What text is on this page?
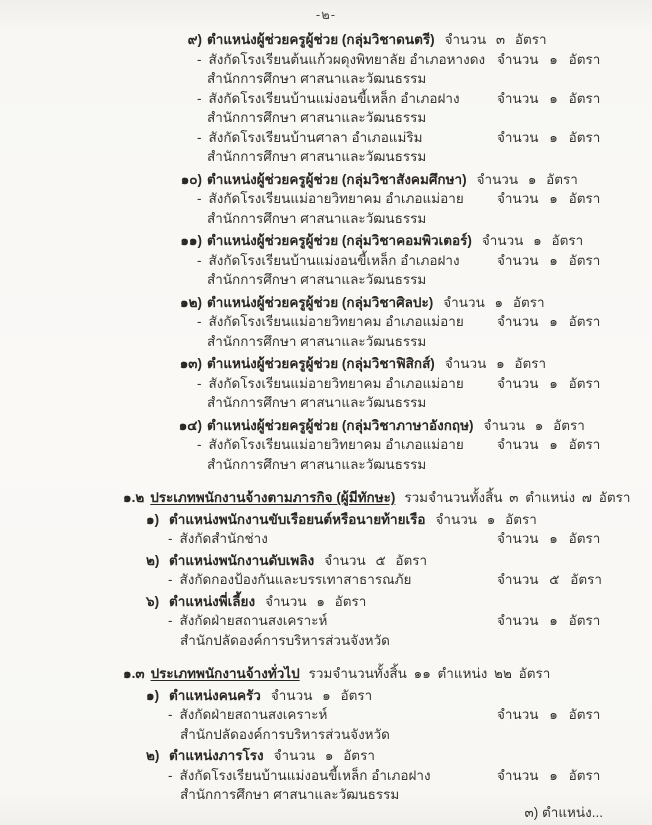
-๒-
๙) ตำแหน่งผู้ช่วยครูผู้ช่วย (กลุ่มวิชาดนตรี) จำนวน ๓ อัตรา
- สังกัดโรงเรียนต้นแก้วผดุงพิทยาลัย อำเภอหางดง จำนวน ๑ อัตรา
สำนักการศึกษา ศาสนาและวัฒนธรรม
- สังกัดโรงเรียนบ้านแม่งอนขี้เหล็ก อำเภอฝาง	จำนวน ๑ อัตรา
สำนักการศึกษา ศาสนาและวัฒนธรรม
- สังกัดโรงเรียนบ้านศาลา อำเภอแม่ริม	จำนวน ๑ อัตรา
สำนักการศึกษา ศาสนาและวัฒนธรรม
๑๐) ตำแหน่งผู้ช่วยครูผู้ช่วย (กลุ่มวิชาสังคมศึกษา) จำนวน ๑ อัตรา
- สังกัดโรงเรียนแม่อายวิทยาคม อำเภอแม่อาย จำนวน ๑ อัตรา
สำนักการศึกษา ศาสนาและวัฒนธรรม
๑๑) ตำแหน่งผู้ช่วยครูผู้ช่วย (กลุ่มวิชาคอมพิวเตอร์) จำนวน ๑ อัตรา
- สังกัดโรงเรียนบ้านแม่งอนขี้เหล็ก อำเภอฝาง	จำนวน ๑ อัตรา
สำนักการศึกษา ศาสนาและวัฒนธรรม
๑๒) ตำแหน่งผู้ช่วยครูผู้ช่วย (กลุ่มวิชาศิลปะ) จำนวน ๑ อัตรา
- สังกัดโรงเรียนแม่อายวิทยาคม อำเภอแม่อาย จำนวน ๑ อัตรา
สำนักการศึกษา ศาสนาและวัฒนธรรม
๑๓) ตำแหน่งผู้ช่วยครูผู้ช่วย (กลุ่มวิชาฟิสิกส์) จำนวน ๑ อัตรา
- สังกัดโรงเรียนแม่อายวิทยาคม อำเภอแม่อาย จำนวน ๑ อัตรา
สำนักการศึกษา ศาสนาและวัฒนธรรม
๑๔) ตำแหน่งผู้ช่วยครูผู้ช่วย (กลุ่มวิชาภาษาอังกฤษ) จำนวน ๑ อัตรา
- สังกัดโรงเรียนแม่อายวิทยาคม อำเภอแม่อาย จำนวน ๑ อัตรา
สำนักการศึกษา ศาสนาและวัฒนธรรม
๑.๒ ประเภทพนักงานจ้างตามภารกิจ (ผู้มีทักษะ) รวมจำนวนทั้งสิ้น ๓ ตำแหน่ง ๗ อัตรา
๑) ตำแหน่งพนักงานขับเรือยนต์หรือนายท้ายเรือ จำนวน ๑ อัตรา
- สังกัดสำนักช่าง	จำนวน ๑ อัตรา
๒) ตำแหน่งพนักงานดับเพลิง จำนวน ๕ อัตรา
- สังกัดกองป้องกันและบรรเทาสาธารณภัย	จำนวน ๕ อัตรา
๖) ตำแหน่งพี่เลี้ยง จำนวน ๑ อัตรา
- สังกัดฝ่ายสถานสงเคราะห์	จำนวน ๑ อัตรา
สำนักปลัดองค์การบริหารส่วนจังหวัด
๑.๓ ประเภทพนักงานจ้างทั่วไป รวมจำนวนทั้งสิ้น ๑๑ ตำแหน่ง ๒๒ อัตรา
๑) ตำแหน่งคนครัว จำนวน ๑ อัตรา
- สังกัดฝ่ายสถานสงเคราะห์	จำนวน ๑ อัตรา
สำนักปลัดองค์การบริหารส่วนจังหวัด
๒) ตำแหน่งภารโรง จำนวน ๑ อัตรา
- สังกัดโรงเรียนบ้านแม่งอนขี้เหล็ก อำเภอฝาง	จำนวน ๑ อัตรา
สำนักการศึกษา ศาสนาและวัฒนธรรม
๓) ตำแหน่ง...
